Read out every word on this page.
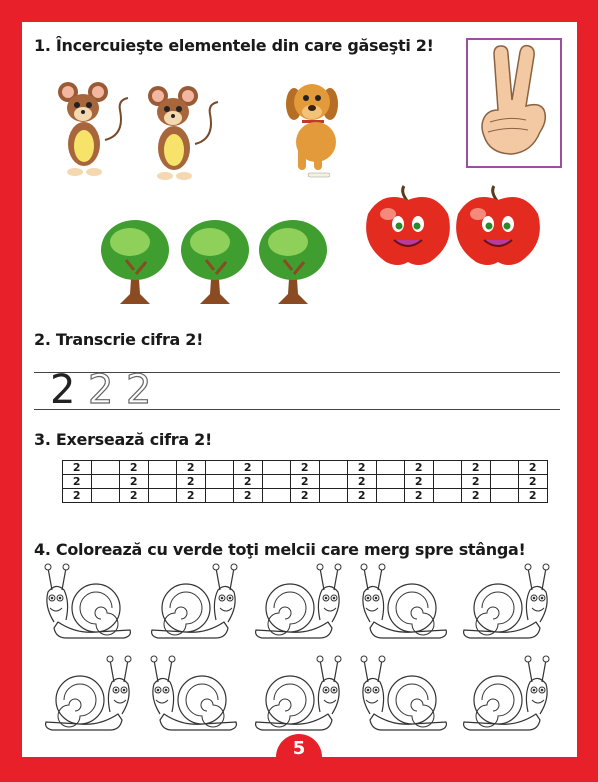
1. Încercuieşte elementele din care găseşti 2!
2. Transcrie cifra 2!
2 2 2
3. Exersează cifra 2!
2		2		2		2		2		2		2		2		2
2		2		2		2		2		2		2		2		2
2		2		2		2		2		2		2		2		2
4. Colorează cu verde toţi melcii care merg spre stânga!
5
